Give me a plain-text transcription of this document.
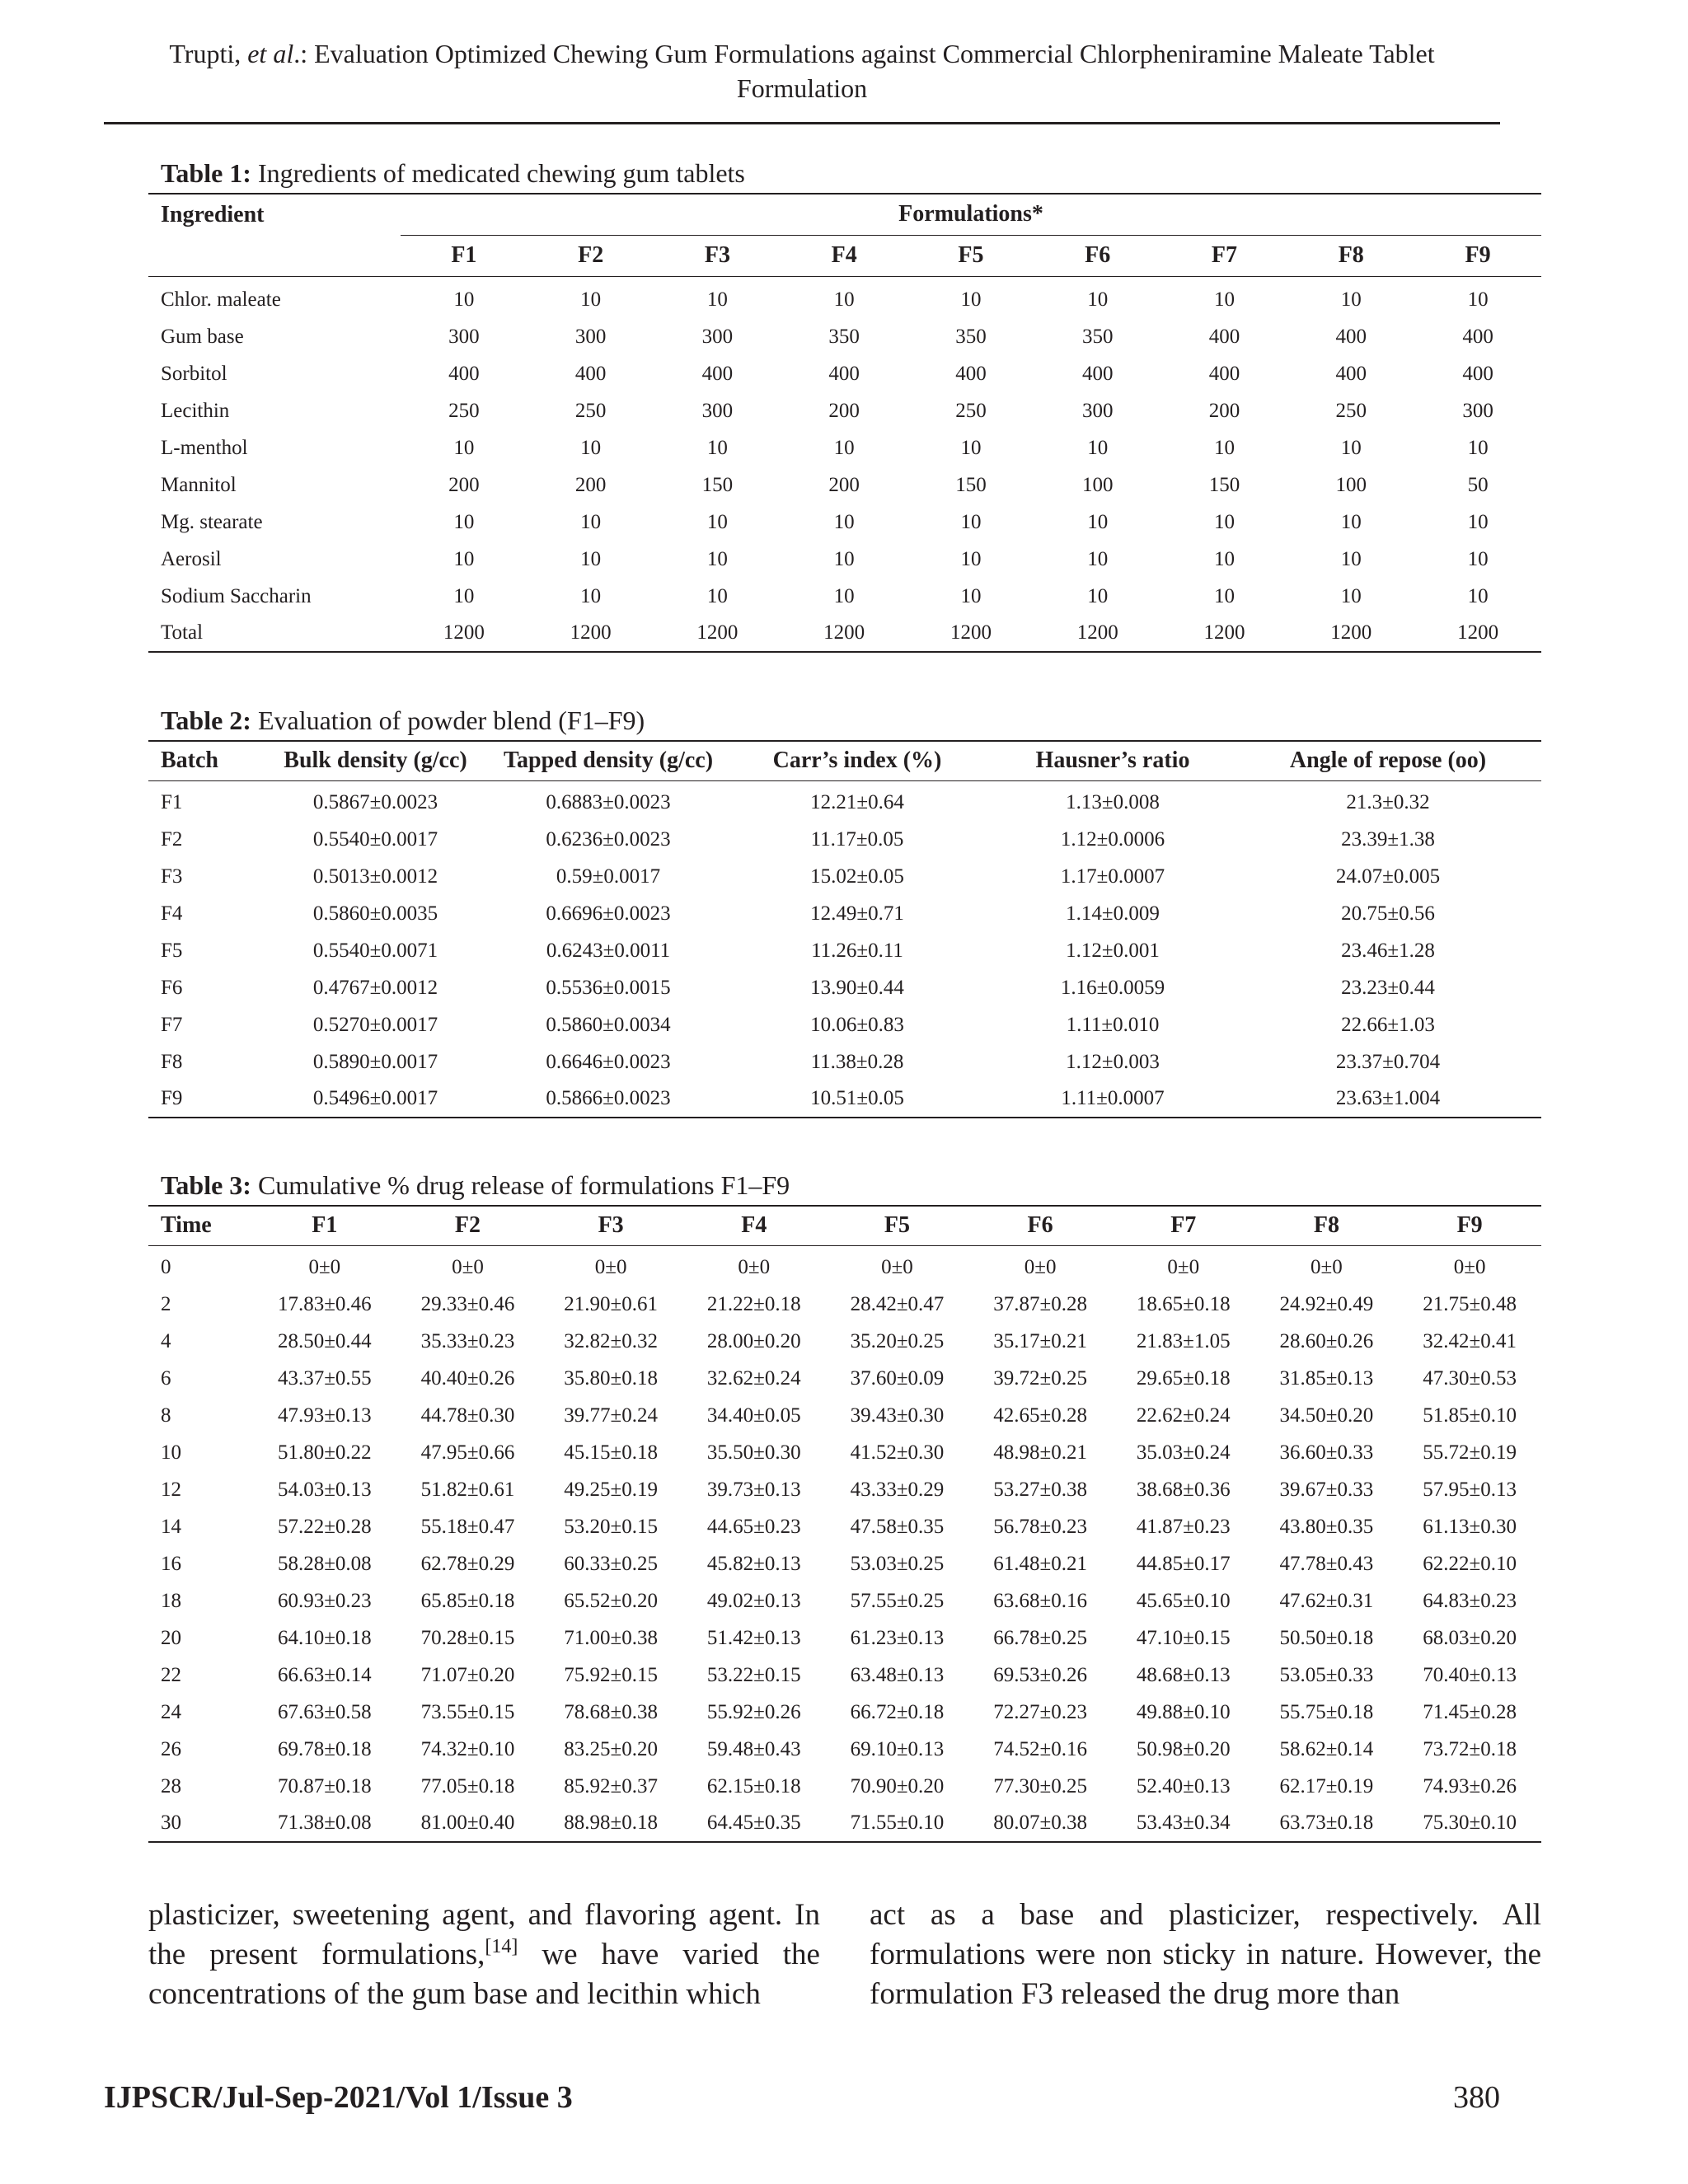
Trupti, et al.: Evaluation Optimized Chewing Gum Formulations against Commercial Chlorpheniramine Maleate Tablet
Formulation
Table 1: Ingredients of medicated chewing gum tablets
Ingredient	Formulations*								
	F1	F2	F3	F4	F5	F6	F7	F8	F9
Chlor. maleate	10	10	10	10	10	10	10	10	10
Gum base	300	300	300	350	350	350	400	400	400
Sorbitol	400	400	400	400	400	400	400	400	400
Lecithin	250	250	300	200	250	300	200	250	300
L-menthol	10	10	10	10	10	10	10	10	10
Mannitol	200	200	150	200	150	100	150	100	50
Mg. stearate	10	10	10	10	10	10	10	10	10
Aerosil	10	10	10	10	10	10	10	10	10
Sodium Saccharin	10	10	10	10	10	10	10	10	10
Total	1200	1200	1200	1200	1200	1200	1200	1200	1200
Table 2: Evaluation of powder blend (F1–F9)
Batch	Bulk density (g/cc)	Tapped density (g/cc)	Carr’s index (%)	Hausner’s ratio	Angle of repose (oo)
F1	0.5867±0.0023	0.6883±0.0023	12.21±0.64	1.13±0.008	21.3±0.32
F2	0.5540±0.0017	0.6236±0.0023	11.17±0.05	1.12±0.0006	23.39±1.38
F3	0.5013±0.0012	0.59±0.0017	15.02±0.05	1.17±0.0007	24.07±0.005
F4	0.5860±0.0035	0.6696±0.0023	12.49±0.71	1.14±0.009	20.75±0.56
F5	0.5540±0.0071	0.6243±0.0011	11.26±0.11	1.12±0.001	23.46±1.28
F6	0.4767±0.0012	0.5536±0.0015	13.90±0.44	1.16±0.0059	23.23±0.44
F7	0.5270±0.0017	0.5860±0.0034	10.06±0.83	1.11±0.010	22.66±1.03
F8	0.5890±0.0017	0.6646±0.0023	11.38±0.28	1.12±0.003	23.37±0.704
F9	0.5496±0.0017	0.5866±0.0023	10.51±0.05	1.11±0.0007	23.63±1.004
Table 3: Cumulative % drug release of formulations F1–F9
Time	F1	F2	F3	F4	F5	F6	F7	F8	F9
0	0±0	0±0	0±0	0±0	0±0	0±0	0±0	0±0	0±0
2	17.83±0.46	29.33±0.46	21.90±0.61	21.22±0.18	28.42±0.47	37.87±0.28	18.65±0.18	24.92±0.49	21.75±0.48
4	28.50±0.44	35.33±0.23	32.82±0.32	28.00±0.20	35.20±0.25	35.17±0.21	21.83±1.05	28.60±0.26	32.42±0.41
6	43.37±0.55	40.40±0.26	35.80±0.18	32.62±0.24	37.60±0.09	39.72±0.25	29.65±0.18	31.85±0.13	47.30±0.53
8	47.93±0.13	44.78±0.30	39.77±0.24	34.40±0.05	39.43±0.30	42.65±0.28	22.62±0.24	34.50±0.20	51.85±0.10
10	51.80±0.22	47.95±0.66	45.15±0.18	35.50±0.30	41.52±0.30	48.98±0.21	35.03±0.24	36.60±0.33	55.72±0.19
12	54.03±0.13	51.82±0.61	49.25±0.19	39.73±0.13	43.33±0.29	53.27±0.38	38.68±0.36	39.67±0.33	57.95±0.13
14	57.22±0.28	55.18±0.47	53.20±0.15	44.65±0.23	47.58±0.35	56.78±0.23	41.87±0.23	43.80±0.35	61.13±0.30
16	58.28±0.08	62.78±0.29	60.33±0.25	45.82±0.13	53.03±0.25	61.48±0.21	44.85±0.17	47.78±0.43	62.22±0.10
18	60.93±0.23	65.85±0.18	65.52±0.20	49.02±0.13	57.55±0.25	63.68±0.16	45.65±0.10	47.62±0.31	64.83±0.23
20	64.10±0.18	70.28±0.15	71.00±0.38	51.42±0.13	61.23±0.13	66.78±0.25	47.10±0.15	50.50±0.18	68.03±0.20
22	66.63±0.14	71.07±0.20	75.92±0.15	53.22±0.15	63.48±0.13	69.53±0.26	48.68±0.13	53.05±0.33	70.40±0.13
24	67.63±0.58	73.55±0.15	78.68±0.38	55.92±0.26	66.72±0.18	72.27±0.23	49.88±0.10	55.75±0.18	71.45±0.28
26	69.78±0.18	74.32±0.10	83.25±0.20	59.48±0.43	69.10±0.13	74.52±0.16	50.98±0.20	58.62±0.14	73.72±0.18
28	70.87±0.18	77.05±0.18	85.92±0.37	62.15±0.18	70.90±0.20	77.30±0.25	52.40±0.13	62.17±0.19	74.93±0.26
30	71.38±0.08	81.00±0.40	88.98±0.18	64.45±0.35	71.55±0.10	80.07±0.38	53.43±0.34	63.73±0.18	75.30±0.10
plasticizer, sweetening agent, and flavoring agent. In the present formulations,[14] we have varied the concentrations of the gum base and lecithin which
act as a base and plasticizer, respectively. All formulations were non sticky in nature. However, the formulation F3 released the drug more than
IJPSCR/Jul-Sep-2021/Vol 1/Issue 3	380
